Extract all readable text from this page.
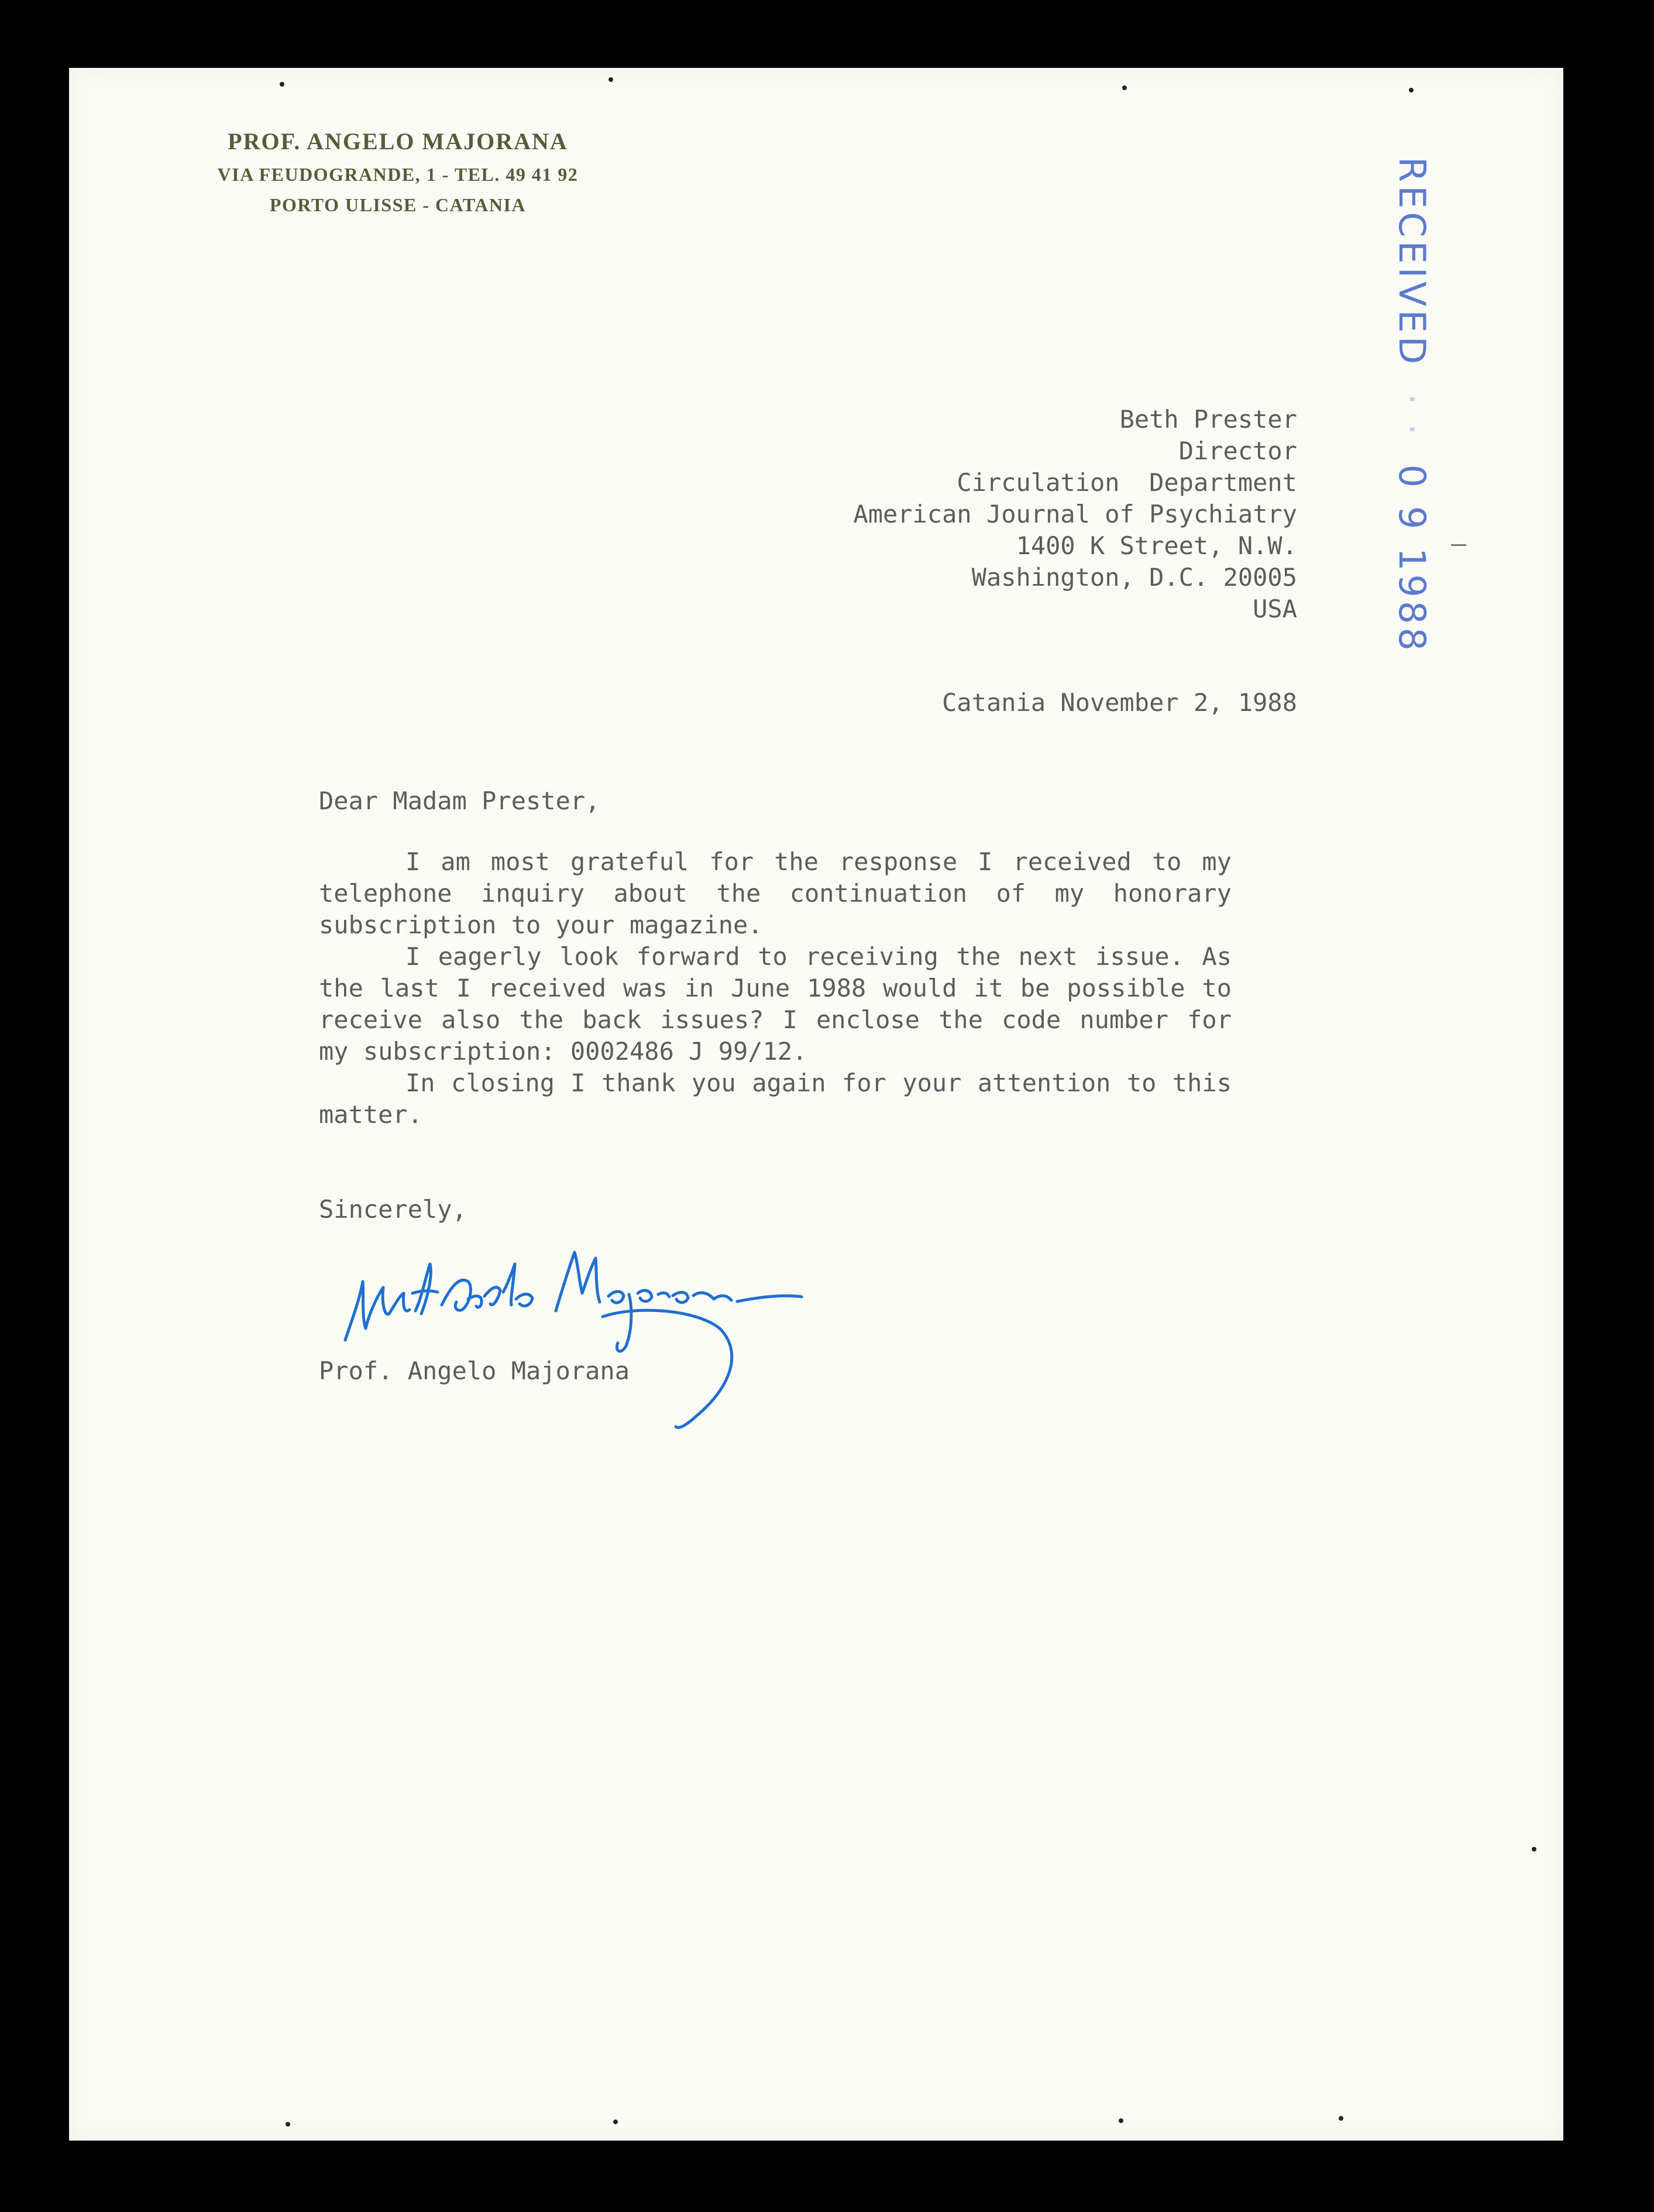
PROF. ANGELO MAJORANA
VIA FEUDOGRANDE, 1 - TEL. 49 41 92
PORTO ULISSE - CATANIA	RECEIVED  · ·  0 9 1988
Beth Prester
Director
Circulation  Department
American Journal of Psychiatry
1400 K Street, N.W.
Washington, D.C. 20005
USA
Catania November 2, 1988
Dear Madam Prester,

I am most grateful for the response I received to my telephone inquiry about the continuation of my honorary subscription to your magazine.

I eagerly look forward to receiving the next issue. As the last I received was in June 1988 would it be possible to receive also the back issues? I enclose the code number for my subscription: 0002486 J 99/12.

In closing I thank you again for your attention to this matter.

Sincerely,
Prof. Angelo Majorana
